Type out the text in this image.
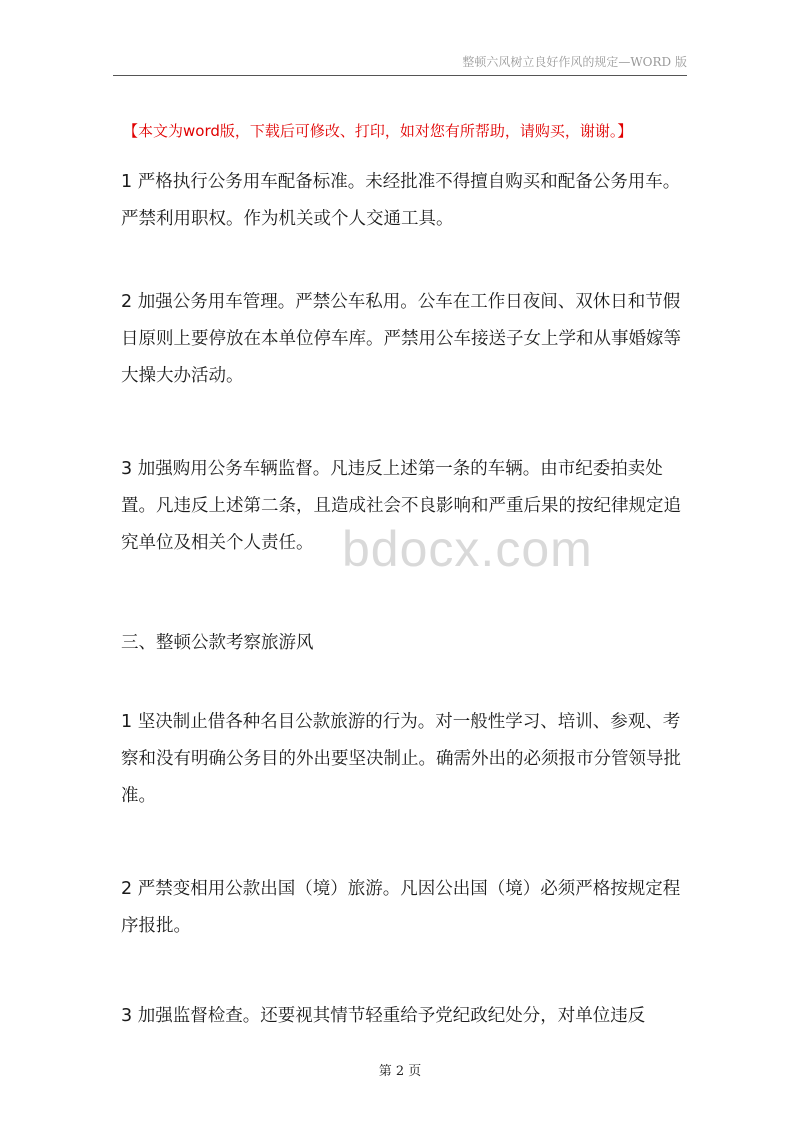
整顿六风树立良好作风的规定—WORD 版
【本文为word版，下载后可修改、打印，如对您有所帮助，请购买，谢谢。】
bdocx.com

1 严格执行公务用车配备标准。未经批准不得擅自购买和配备公务用车。严禁利用职权。作为机关或个人交通工具。

2 加强公务用车管理。严禁公车私用。公车在工作日夜间、双休日和节假日原则上要停放在本单位停车库。严禁用公车接送子女上学和从事婚嫁等大操大办活动。

3 加强购用公务车辆监督。凡违反上述第一条的车辆。由市纪委拍卖处置。凡违反上述第二条，且造成社会不良影响和严重后果的按纪律规定追究单位及相关个人责任。

三、整顿公款考察旅游风

1 坚决制止借各种名目公款旅游的行为。对一般性学习、培训、参观、考察和没有明确公务目的外出要坚决制止。确需外出的必须报市分管领导批准。

2 严禁变相用公款出国（境）旅游。凡因公出国（境）必须严格按规定程序报批。

3 加强监督检查。还要视其情节轻重给予党纪政纪处分，对单位违反

第 2 页
